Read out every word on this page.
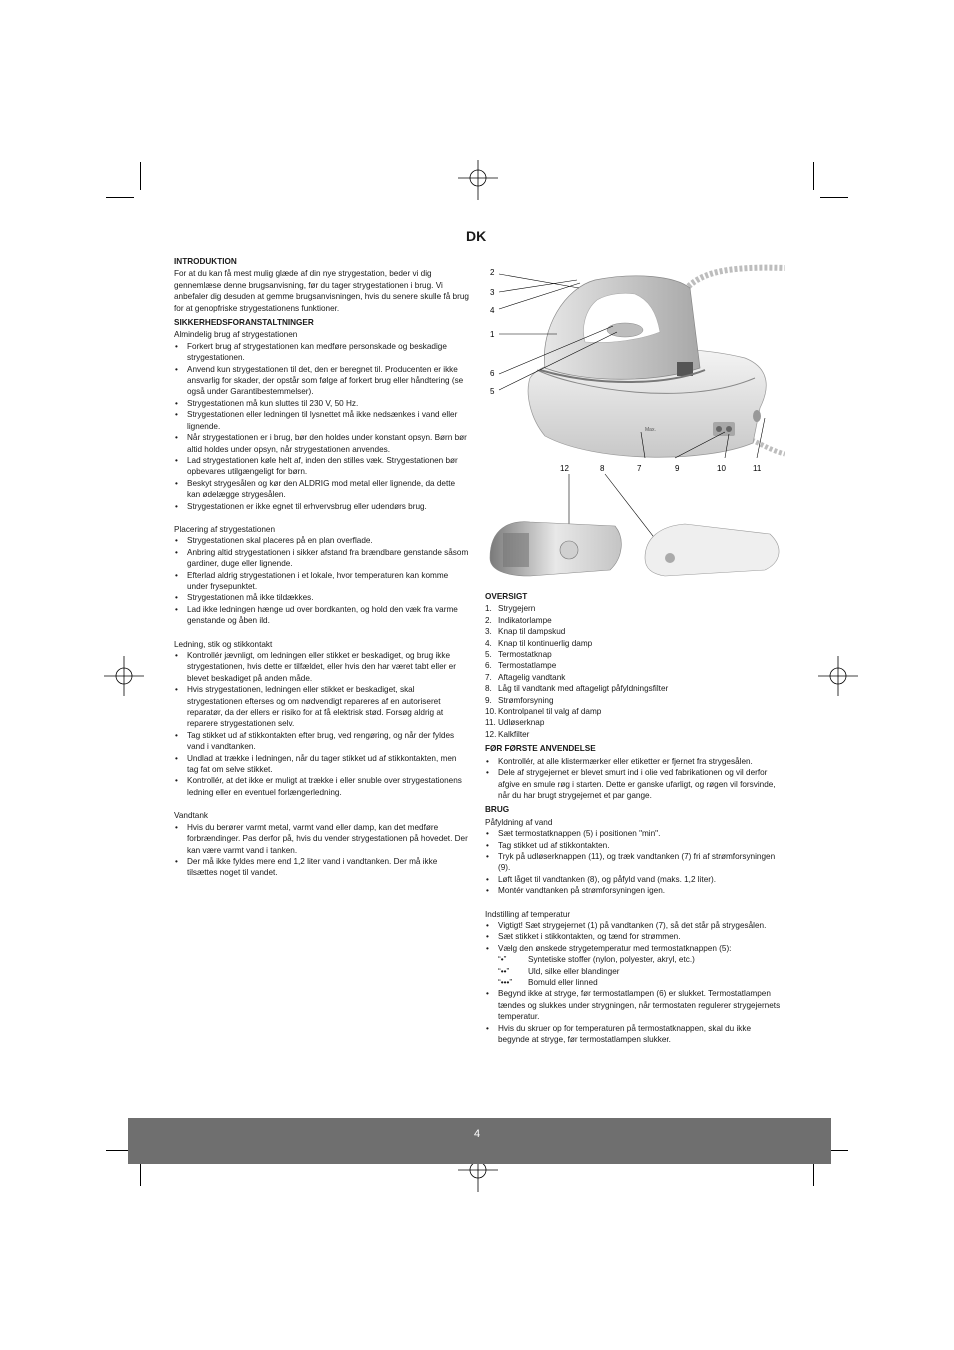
DK
INTRODUKTION

For at du kan få mest mulig glæde af din nye strygestation, beder vi dig gennemlæse denne brugsanvisning, før du tager strygestationen i brug. Vi anbefaler dig desuden at gemme brugsanvisningen, hvis du senere skulle få brug for at genopfriske strygestationens funktioner.

SIKKERHEDSFORANSTALTNINGER

Almindelig brug af strygestationen

• Forkert brug af strygestationen kan medføre personskade og beskadige strygestationen.
• Anvend kun strygestationen til det, den er beregnet til. Producenten er ikke ansvarlig for skader, der opstår som følge af forkert brug eller håndtering (se også under Garantibestemmelser).
• Strygestationen må kun sluttes til 230 V, 50 Hz.
• Strygestationen eller ledningen til lysnettet må ikke nedsænkes i vand eller lignende.
• Når strygestationen er i brug, bør den holdes under konstant opsyn. Børn bør altid holdes under opsyn, når strygestationen anvendes.
• Lad strygestationen køle helt af, inden den stilles væk. Strygestationen bør opbevares utilgængeligt for børn.
• Beskyt strygesålen og kør den ALDRIG mod metal eller lignende, da dette kan ødelægge strygesålen.
• Strygestationen er ikke egnet til erhvervsbrug eller udendørs brug.

Placering af strygestationen

• Strygestationen skal placeres på en plan overflade.
• Anbring altid strygestationen i sikker afstand fra brændbare genstande såsom gardiner, duge eller lignende.
• Efterlad aldrig strygestationen i et lokale, hvor temperaturen kan komme under frysepunktet.
• Strygestationen må ikke tildækkes.
• Lad ikke ledningen hænge ud over bordkanten, og hold den væk fra varme genstande og åben ild.

Ledning, stik og stikkontakt

• Kontrollér jævnligt, om ledningen eller stikket er beskadiget, og brug ikke strygestationen, hvis dette er tilfældet, eller hvis den har været tabt eller er blevet beskadiget på anden måde.
• Hvis strygestationen, ledningen eller stikket er beskadiget, skal strygestationen efterses og om nødvendigt repareres af en autoriseret reparatør, da der ellers er risiko for at få elektrisk stød. Forsøg aldrig at reparere strygestationen selv.
• Tag stikket ud af stikkontakten efter brug, ved rengøring, og når der fyldes vand i vandtanken.
• Undlad at trække i ledningen, når du tager stikket ud af stikkontakten, men tag fat om selve stikket.
• Kontrollér, at det ikke er muligt at trække i eller snuble over strygestationens ledning eller en eventuel forlængerledning.

Vandtank

• Hvis du berører varmt metal, varmt vand eller damp, kan det medføre forbrændinger. Pas derfor på, hvis du vender strygestationen på hovedet. Der kan være varmt vand i tanken.
• Der må ikke fyldes mere end 1,2 liter vand i vandtanken. Der må ikke tilsættes noget til vandet.
2
3
4
1
6
5
Max.
12	8	7	9	10	11
OVERSIGT
1. Strygejern
2. Indikatorlampe
3. Knap til dampskud
4. Knap til kontinuerlig damp
5. Termostatknap
6. Termostatlampe
7. Aftagelig vandtank
8. Låg til vandtank med aftageligt påfyldningsfilter
9. Strømforsyning
10. Kontrolpanel til valg af damp
11. Udløserknap
12. Kalkfilter
FØR FØRSTE ANVENDELSE
• Kontrollér, at alle klistermærker eller etiketter er fjernet fra strygesålen.
• Dele af strygejernet er blevet smurt ind i olie ved fabrikationen og vil derfor afgive en smule røg i starten. Dette er ganske ufarligt, og røgen vil forsvinde, når du har brugt strygejernet et par gange.
BRUG

Påfyldning af vand

• Sæt termostatknappen (5) i positionen "min".
• Tag stikket ud af stikkontakten.
• Tryk på udløserknappen (11), og træk vandtanken (7) fri af strømforsyningen (9).
• Løft låget til vandtanken (8), og påfyld vand (maks. 1,2 liter).
• Montér vandtanken på strømforsyningen igen.

Indstilling af temperatur

• Vigtigt! Sæt strygejernet (1) på vandtanken (7), så det står på strygesålen.
• Sæt stikket i stikkontakten, og tænd for strømmen.
• Vælg den ønskede strygetemperatur med termostatknappen (5):
“•”	Syntetiske stoffer (nylon, polyester, akryl, etc.)
“••”	Uld, silke eller blandinger
“•••”	Bomuld eller linned
• Begynd ikke at stryge, før termostatlampen (6) er slukket. Termostatlampen tændes og slukkes under strygningen, når termostaten regulerer strygejernets temperatur.
• Hvis du skruer op for temperaturen på termostatknappen, skal du ikke begynde at stryge, før termostatlampen slukker.
4
